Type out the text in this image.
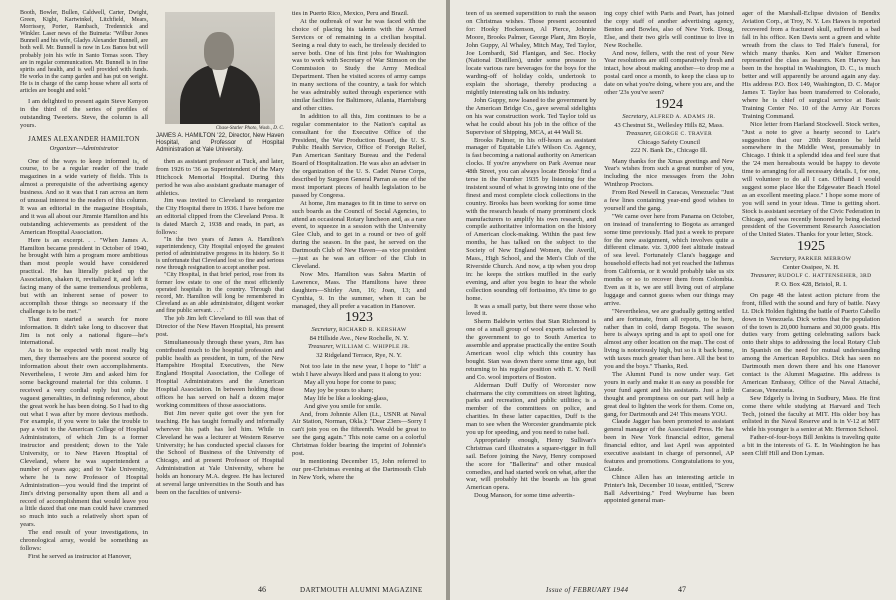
Booth, Bowler, Bullen, Caldwell, Carter, Dwight, Green, Kight, Kartwinkel, Litchfield, Mears, Morrissey, Porter, Rambach, Tredennick and Winkler. Laser news of the Buimeta: "Wilbur Jones Bunnell and his wife, Gladys Alexander Bunnell, are both well. Mr. Bunnell is now in Los Banos but will probably join his wife in Santo Tomas soon. They are in regular communication. Mr. Bunnell is in fine spirits and health, and is well provided with funds. He works in the camp garden and has put on weight. He is in charge of the camp house where all sorts of articles are bought and sold."

I am delighted to present again Steve Kenyon in the third of the series of profiles of outstanding Tweeters. Steve, the column is all yours.

JAMES ALEXANDER HAMILTON

Organizer—Administrator

One of the ways to keep informed is, of course, to be a regular reader of the trade magazines in a wide variety of fields. This is almost a prerequisite of the advertising agency business. And so it was that I ran across an item of unusual interest to the readers of this column. It was an editorial in the magazine Hospitals, and it was all about our Jimmie Hamilton and his outstanding achievements as president of the American Hospital Association.

Here is an excerpt. . . "When James A. Hamilton became president in October of 1940, he brought with him a program more ambitious than most people would have considered practical. He has literally picked up the Association, shaken it, revitalized it, and left it facing many of the same tremendous problems, but with an inherent sense of power to accomplish those things so necessary if the challenge is to be met."

That item started a search for more information. It didn't take long to discover that Jim is not only a national figure—he's international.

As is to be expected with most really big men, they themselves are the poorest source of information about their own accomplishments. Nevertheless, I wrote Jim and asked him for some background material for this column. I received a very cordial reply but only the vaguest generalities, in defining reference, about the great work he has been doing. So I had to dig out what I was after by more devious methods. For example, if you were to take the trouble to pay a visit to the American College of Hospital Administrators, of which Jim is a former instructor and president; down to the Yale University, or to New Haven Hospital of Cleveland, where he was superintendent a number of years ago; and to Yale University, where he is now Professor of Hospital Administration—you would find the imprint of Jim's driving personality upon them all and a record of accomplishment that would leave you a little dazed that one man could have crammed so much into such a relatively short span of years.

The end result of your investigations, in chronological array, would be something as follows:

First he served as instructor at Hanover,

Chase-Statler Photo, Wash., D. C.

JAMES A. HAMILTON '22, Director, New Haven Hospital, and Professor of Hospital Administration at Yale University.

then as assistant professor at Tuck, and later, from 1926 to '36 as Superintendent of the Mary Hitchcock Memorial Hospital. During this period he was also assistant graduate manager of athletics.

Jim was invited to Cleveland to reorganize the City Hospital there in 1936. I have before me an editorial clipped from the Cleveland Press. It is dated March 2, 1938 and reads, in part, as follows:

"In the two years of James A. Hamilton's superintendency, City Hospital enjoyed the greatest period of administrative progress in its history. So it is unfortunate that Cleveland lost so fine and serious now through resignation to accept another post.

"City Hospital, in that brief period, rose from its former low estate to one of the most efficiently operated hospitals in the country. Through that record, Mr. Hamilton will long be remembered in Cleveland as an able administrator, diligent worker and fine public servant. . . ."

The job Jim left Cleveland to fill was that of Director of the New Haven Hospital, his present post.

Simultaneously through these years, Jim has contributed much to the hospital profession and public health as president, in turn, of the New Hampshire Hospital Executives, the New England Hospital Association, the College of Hospital Administrators and the American Hospital Association. In between holding those offices he has served on half a dozen major working committees of those associations.

But Jim never quite got over the yen for teaching. He has taught formally and informally wherever his path has led him. While in Cleveland he was a lecturer at Western Reserve University; he has conducted special classes for the School of Business of the University of Chicago, and at present Professor of Hospital Administration at Yale University, where he holds an honorary M.A. degree. He has lectured at several large universities in the South and has been on the faculties of universi-

ties in Puerto Rico, Mexico, Peru and Brazil.

At the outbreak of war he was faced with the choice of placing his talents with the Armed Services or of remaining in a civilian hospital. Seeing a real duty to each, he tirelessly decided to serve both. One of his first jobs for Washington was to work with Secretary of War Stimson on the Commission to Study the Army Medical Department. Then he visited scores of army camps in many sections of the country, a task for which he was admirably suited through experience with similar facilities for Baltimore, Atlanta, Harrisburg and other cities.

In addition to all this, Jim continues to be a regular commentator to the Nation's capital as consultant for the Executive Office of the President, the War Production Board, the U. S. Public Health Service, Office of Foreign Relief, Pan American Sanitary Bureau and the Federal Board of Hospitalization. He was also an adviser in the organization of the U. S. Cadet Nurse Corps, described by Surgeon General Parran as one of the most important pieces of health legislation to be passed by Congress.

At home, Jim manages to fit in time to serve on such boards as the Council of Social Agencies, to attend an occasional Rotary luncheon and, as a rare event, to squeeze in a session with the University Glee Club, and to get in a round or two of golf during the season. In the past, he served on the Dartmouth Club of New Haven—as vice president—just as he was an officer of the Club in Cleveland.

Now Mrs. Hamilton was Sabra Martin of Lawrence, Mass. The Hamiltons have three daughters—Shirley Ann, 16; Joan, 13; and Cynthia, 9. In the summer, when it can be managed, they all prefer a vacation in Hanover.

1923

Secretary, RICHARD R. KERSHAW

84 Hillside Ave., New Rochelle, N. Y.

Treasurer, WILLIAM C. WHIPPLE JR.

32 Ridgeland Terrace, Rye, N. Y.

Not too late in the new year, I hope to "lift" a wish I have always liked and pass it along to you:

May all you hope for come to pass;

May joy be yours to share;

May life be like a looking-glass,

And give you smile for smile.

And, from Johnnie Allen (Lt., USNR at Naval Air Station, Norman, Okla.): "Dear 23ers—Sorry I can't join you on the fifteenth. Would be great to see the gang again." This note came on a colorful Christmas folder bearing the imprint of Johnnie's post.

In mentioning December 15, John referred to our pre-Christmas evening at the Dartmouth Club in New York, where the

46	DARTMOUTH ALUMNI MAGAZINE

teen of us seemed superstition to rush the season on Christmas wishes. Those present accounted for: Hooky Hockenson, Al Pierce, Johnnie Moore, Brooks Palmer, George Plant, Jim Boyle, John Guppy, Al Whaley, Mitch May, Ted Taylor, Joe Lombardi, Sid Flanigan, and Sec. Hocky (National Distillers), under some pressure to locate various rare beverages for the boys for the warding-off of holiday colds, undertook to explain the shortage, thereby producing a mightily interesting talk on his industry.

John Guppy, now loaned to the government by the American Bridge Co., gave several sidelights on his war construction work. Ted Taylor told us what he could about his job in the office of the Supervisor of Shipping, MCA, at 44 Wall St.

Brooks Palmer, in his off-hours as assistant manager of Equitable Life's Wilson Co. Agency, is fast becoming a national authority on American clocks. If you're anywhere on Park Avenue near 48th Street, you can always locate Brooks' find a terse in the Number 1935 by listening for the insistent sound of what is growing into one of the finest and most complete clock collections in the country. Brooks has been working for some time with the research heads of many prominent clock manufacturers to amplify his own research, and compile authoritative information on the history of American clock-making. Within the past few months, he has talked on the subject to the Society of New England Women, the Averill, Mass., High School, and the Men's Club of the Riverside Church. And now, a tip when you drop in: he keeps the strikes muffled in the early evening, and after you begin to hear the whole collection sounding off fortissimo, it's time to go home.

It was a small party, but there were those who loved it.

Sherm Baldwin writes that Stan Richmond is one of a small group of wool experts selected by the government to go to South America to assemble and appraise practically the entire South American wool clip which this country has bought. Stan was down there some time ago, but returning to his regular position with E. Y. Neill and Co. wool importers of Boston.

Alderman Duff Duffy of Worcester now chairmans the city committees on street lighting, parks and recreation, and public utilities; is a member of the committees on police, and charities. In these latter capacities, Duff is the man to see when the Worcester grandmamie pick you up for speeding, and you need to raise bail.

Appropriately enough, Henry Sullivan's Christmas card illustrates a square-rigger in full sail. Before joining the Navy, Henry composed the score for "Ballerina" and other musical comedies, and had started work on what, after the war, will probably hit the boards as his great American opera.

Doug Manson, for some time advertis-

ing copy chief with Paris and Peart, has joined the copy staff of another advertising agency, Benton and Bowles, also of New York. Doug, Else, and their two girls will continue to live in New Rochelle.

And now, fellers, with the rest of your New Year resolutions are still comparatively fresh and intact, how about making another—to drop me a postal card once a month, to keep the class up to date on what you're doing, where you are, and the other '23s you've seen?

1924

Secretary, ALFRED A. ADAMS JR.

43 Chestnut St., Wellesley Hills 82, Mass.

Treasurer, GEORGE C. TRAVER

Chicago Safety Council

222 N. Bank Dr., Chicago Ill.

Many thanks for the Xmas greetings and New Year's wishes from such a great number of you, including the nice messages from the John Winthrop Proctors.

From Red Newell in Caracas, Venezuela: "Just a few lines containing year-end good wishes to yourself and the gang.

"We came over here from Panama on October, on instead of transferring to Bogota as arranged some time previously. Had just a week to prepare for the new assignment, which involves quite a different climate. viz. 3,000 feet altitude instead of sea level. Fortunately Clara's baggage and household effects had not yet reached the Isthmus from California, or it would probably take us six months or so to recover them from Colombia. Even as it is, we are still living out of airplane luggage and cannot guess when our things may arrive.

"Nevertheless, we are gradually getting settled and are fortunate, from all reports, to be here, rather than in cold, damp Bogota. The season here is always spring and is apt to spoil one for almost any other location on the map. The cost of living is notoriously high, but so is it back home, with taxes much greater than here. All the best to you and the boys." Thanks, Red.

The Alumni Fund is now under way. Get yours in early and make it as easy as possible for your fund agent and his assistants. Just a little thought and promptness on our part will help a great deal to lighten the work for them. Come on, gang, for Dartmouth and 24! This means YOU.

Claude Jagger has been promoted to assistant general manager of the Associated Press. He has been in New York financial editor, general financial editor, and last April was appointed executive assistant in charge of personnel, AP features and promotions. Congratulations to you, Claude.

Chince Allen has an interesting article in Printer's Ink, December 10 issue, entitled, "Screw Ball Advertising." Fred Weyburne has been appointed general man-

ager of the Marshall-Eclipse division of Bendix Aviation Corp., at Troy, N. Y. Les Hawes is reported recovered from a fractured skull, suffered in a bad fall in his office. Ken Davis sent a green and white wreath from the class to Ted Hale's funeral, for which many thanks. Ken and Walter Emerson represented the class as bearers. Ken Harvey has been in the hospital in Washington, D. C., is much better and will apparently be around again any day. His address P.O. Box 149, Washington, D. C. Major James T. Taylor has been transferred to Colorado, where he is chief of surgical service at Basic Training Center No. 10 of the Army Air Forces Training Command.

Nice letter from Harland Stockwell. Stock writes, "Just a note to give a hearty second to Lair's suggestion that our 20th Reunion be held somewhere in the Middle West, presumably in Chicago. I think it a splendid idea and feel sure that the '24 men hereabouts would be happy to devote time to arranging for all necessary details. I, for one, will volunteer to do all I can. Offhand I would suggest some place like the Edgewater Beach Hotel as an excellent meeting place." I hope some more of you will send in your ideas. Time is getting short. Stock is assistant secretary of the Civic Federation in Chicago, and was recently honored by being elected president of the Government Research Association of the United States. Thanks for your letter, Stock.

1925

Secretary, PARKER MERROW

Center Ossipee, N. H.

Treasurer, RUDOLF C. HATTENSEHER, 3RD

P. O. Box 428, Bristol, R. I.

On page 48 the latest action picture from the front, filled with the sound and fury of battle. Navy Lt. Dick Holden fighting the battle of Puerto Cabello down in Venezuela. Dick writes that the population of the town is 20,000 humans and 30,000 goats. His duties vary from getting celebrating sailors back onto their ships to addressing the local Rotary Club in Spanish on the need for mutual understanding among the American Republics. Dick has seen no Dartmouth men down there and his one Hanover contact is the Alumni Magazine. His address is American Embassy, Office of the Naval Attaché, Caracas, Venezuela.

Sew Edgerly is living in Sudbury, Mass. He first come there while studying at Harvard and Tech Tech, joined the faculty at MIT. His older boy has enlisted in the Naval Reserve and is in V-12 at MIT while his younger is a senior at Mr. Hermon School.

Father-of-four-boys Bill Jenkins is traveling quite a bit in the interests of G. E. In Washington he has seen Cliff Hill and Don Lyman.

Issue of FEBRUARY 1944	47
